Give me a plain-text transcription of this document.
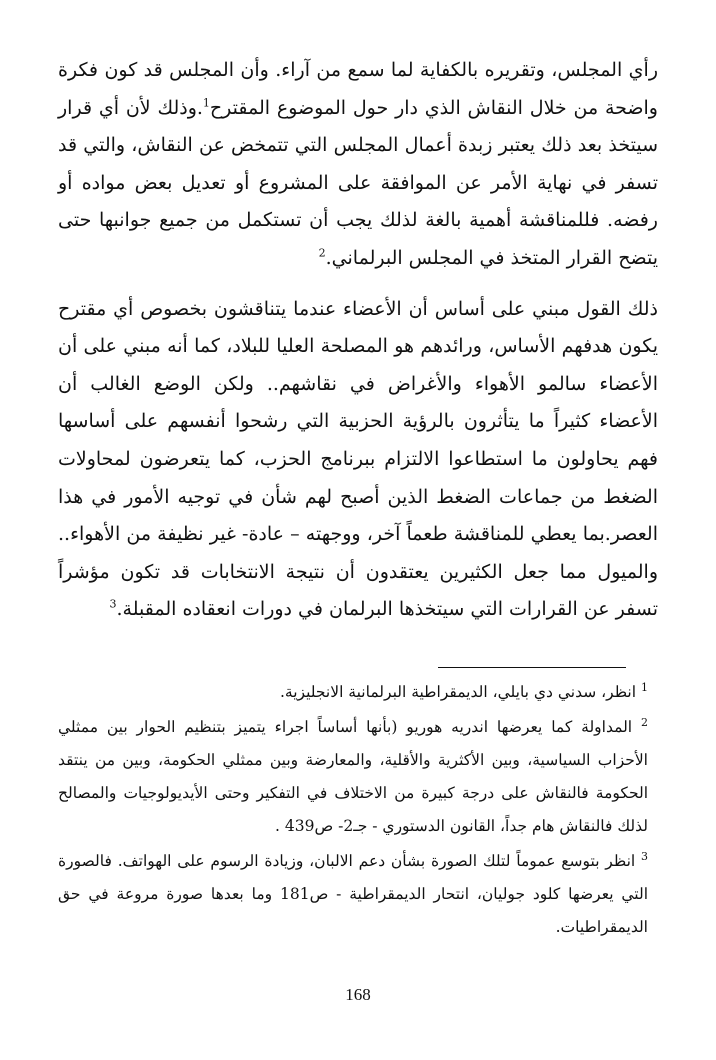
رأي المجلس، وتقريره بالكفاية لما سمع من آراء. وأن المجلس قد كون فكرة واضحة من خلال النقاش الذي دار حول الموضوع المقترح$^1$.وذلك لأن أي قرار سيتخذ بعد ذلك يعتبر زبدة أعمال المجلس التي تتمخض عن النقاش، والتي قد تسفر في نهاية الأمر عن الموافقة على المشروع أو تعديل بعض مواده أو رفضه. فللمناقشة أهمية بالغة لذلك يجب أن تستكمل من جميع جوانبها حتى يتضح القرار المتخذ في المجلس البرلماني.$^2$

ذلك القول مبني على أساس أن الأعضاء عندما يتناقشون بخصوص أي مقترح يكون هدفهم الأساس، ورائدهم هو المصلحة العليا للبلاد، كما أنه مبني على أن الأعضاء سالمو الأهواء والأغراض في نقاشهم.. ولكن الوضع الغالب أن الأعضاء كثيراً ما يتأثرون بالرؤية الحزبية التي رشحوا أنفسهم على أساسها فهم يحاولون ما استطاعوا الالتزام ببرنامج الحزب، كما يتعرضون لمحاولات الضغط من جماعات الضغط الذين أصبح لهم شأن في توجيه الأمور في هذا العصر.بما يعطي للمناقشة طعماً آخر، ووجهته – عادة- غير نظيفة من الأهواء.. والميول مما جعل الكثيرين يعتقدون أن نتيجة الانتخابات قد تكون مؤشراً تسفر عن القرارات التي سيتخذها البرلمان في دورات انعقاده المقبلة.$^3$

$^1$ انظر، سدني دي بايلي، الديمقراطية البرلمانية الانجليزية.

$^2$ المداولة كما يعرضها اندريه هوريو (بأنها أساساً اجراء يتميز بتنظيم الحوار بين ممثلي الأحزاب السياسية، وبين الأكثرية والأقلية، والمعارضة وبين ممثلي الحكومة، وبين من ينتقد الحكومة فالنقاش على درجة كبيرة من الاختلاف في التفكير وحتى الأيديولوجيات والمصالح لذلك فالنقاش هام جداً، القانون الدستوري - جـ2- ص439 .

$^3$ انظر بتوسع عموماً لتلك الصورة بشأن دعم الالبان، وزيادة الرسوم على الهواتف. فالصورة التي يعرضها كلود جوليان، انتحار الديمقراطية - ص181 وما بعدها صورة مروعة في حق الديمقراطيات.

168
